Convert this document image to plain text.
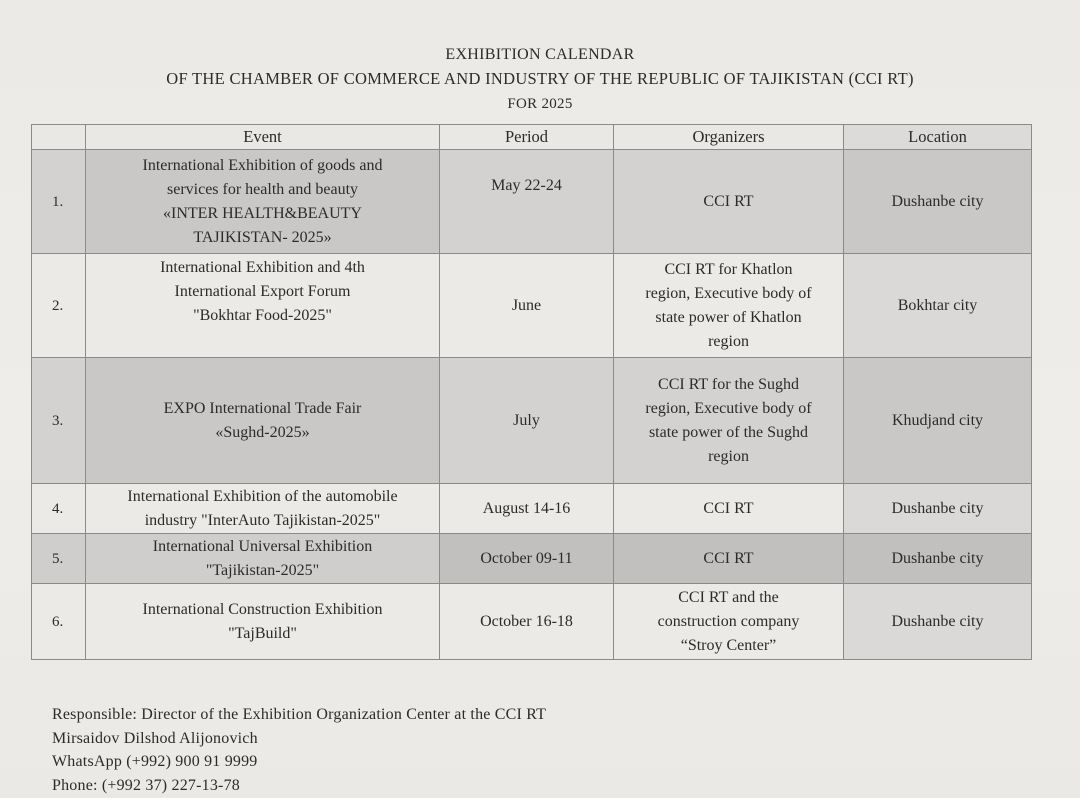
EXHIBITION CALENDAR
OF THE CHAMBER OF COMMERCE AND INDUSTRY OF THE REPUBLIC OF TAJIKISTAN (CCI RT)
FOR 2025
	Event	Period	Organizers	Location
1.	International Exhibition of goods and
services for health and beauty
«INTER HEALTH&BEAUTY
TAJIKISTAN- 2025»	May 22-24	CCI RT	Dushanbe city
2.	International Exhibition and 4th
International Export Forum
"Bokhtar Food-2025"	June	CCI RT for Khatlon
region, Executive body of
state power of Khatlon
region	Bokhtar city
3.	EXPO International Trade Fair
«Sughd-2025»	July	CCI RT for the Sughd
region, Executive body of
state power of the Sughd
region	Khudjand city
4.	International Exhibition of the automobile
industry "InterAuto Tajikistan-2025"	August 14-16	CCI RT	Dushanbe city
5.	International Universal Exhibition
"Tajikistan-2025"	October 09-11	CCI RT	Dushanbe city
6.	International Construction Exhibition
"TajBuild"	October 16-18	CCI RT and the
construction company
“Stroy Center”	Dushanbe city
Responsible: Director of the Exhibition Organization Center at the CCI RT
Mirsaidov Dilshod Alijonovich
WhatsApp (+992) 900 91 9999
Phone: (+992 37) 227-13-78
